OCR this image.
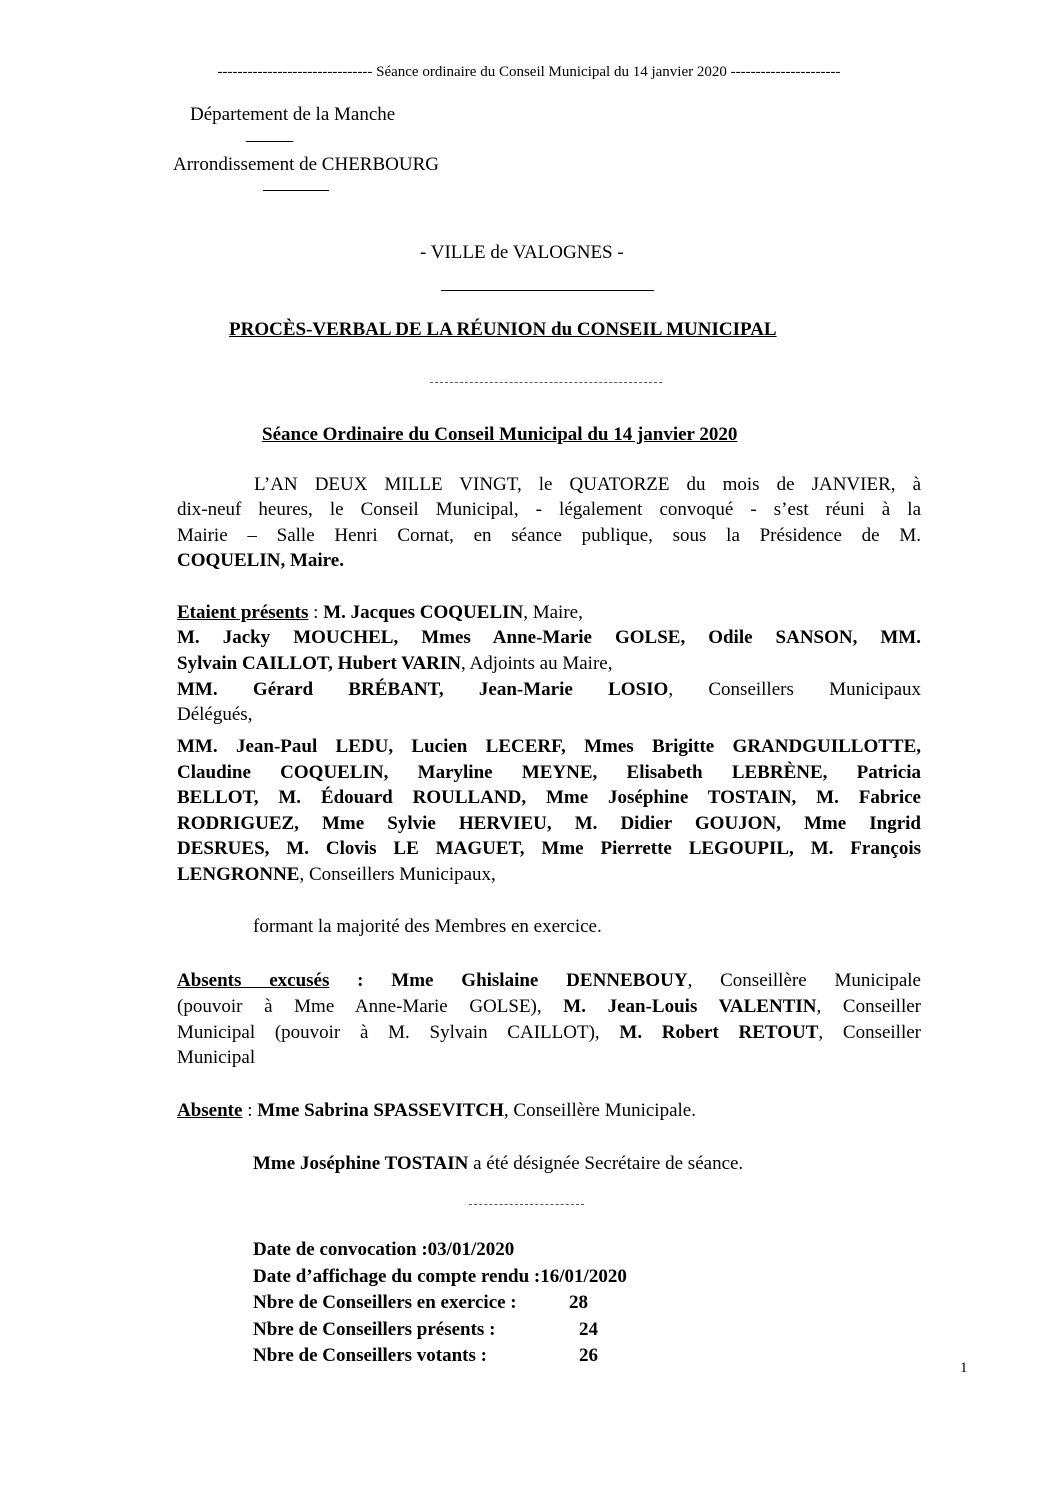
------------------------------- Séance ordinaire du Conseil Municipal du 14 janvier 2020 ----------------------
Département de la Manche
Arrondissement de CHERBOURG
- VILLE de VALOGNES -
PROCÈS-VERBAL DE LA RÉUNION du CONSEIL MUNICIPAL
Séance Ordinaire du Conseil Municipal du 14 janvier 2020
L’AN DEUX MILLE VINGT, le QUATORZE du mois de JANVIER, à
dix-neuf heures, le Conseil Municipal, - légalement convoqué - s’est réuni à la
Mairie – Salle Henri Cornat, en séance publique, sous la Présidence de M.
COQUELIN, Maire.
Etaient présents : M. Jacques COQUELIN, Maire,
M. Jacky MOUCHEL, Mmes Anne-Marie GOLSE, Odile SANSON, MM.
Sylvain CAILLOT, Hubert VARIN, Adjoints au Maire,
MM. Gérard BRÉBANT, Jean-Marie LOSIO, Conseillers Municipaux
Délégués,
MM. Jean-Paul LEDU, Lucien LECERF, Mmes Brigitte GRANDGUILLOTTE,
Claudine COQUELIN, Maryline MEYNE, Elisabeth LEBRÈNE, Patricia
BELLOT, M. Édouard ROULLAND, Mme Joséphine TOSTAIN, M. Fabrice
RODRIGUEZ, Mme Sylvie HERVIEU, M. Didier GOUJON, Mme Ingrid
DESRUES, M. Clovis LE MAGUET, Mme Pierrette LEGOUPIL, M. François
LENGRONNE, Conseillers Municipaux,
formant la majorité des Membres en exercice.
Absents excusés : Mme Ghislaine DENNEBOUY, Conseillère Municipale
(pouvoir à Mme Anne-Marie GOLSE), M. Jean-Louis VALENTIN, Conseiller
Municipal (pouvoir à M. Sylvain CAILLOT), M. Robert RETOUT, Conseiller
Municipal
Absente : Mme Sabrina SPASSEVITCH, Conseillère Municipale.
Mme Joséphine TOSTAIN a été désignée Secrétaire de séance.
Date de convocation :03/01/2020
Date d’affichage du compte rendu :16/01/2020
Nbre de Conseillers en exercice :	28
Nbre de Conseillers présents :	24
Nbre de Conseillers votants :	26
1
